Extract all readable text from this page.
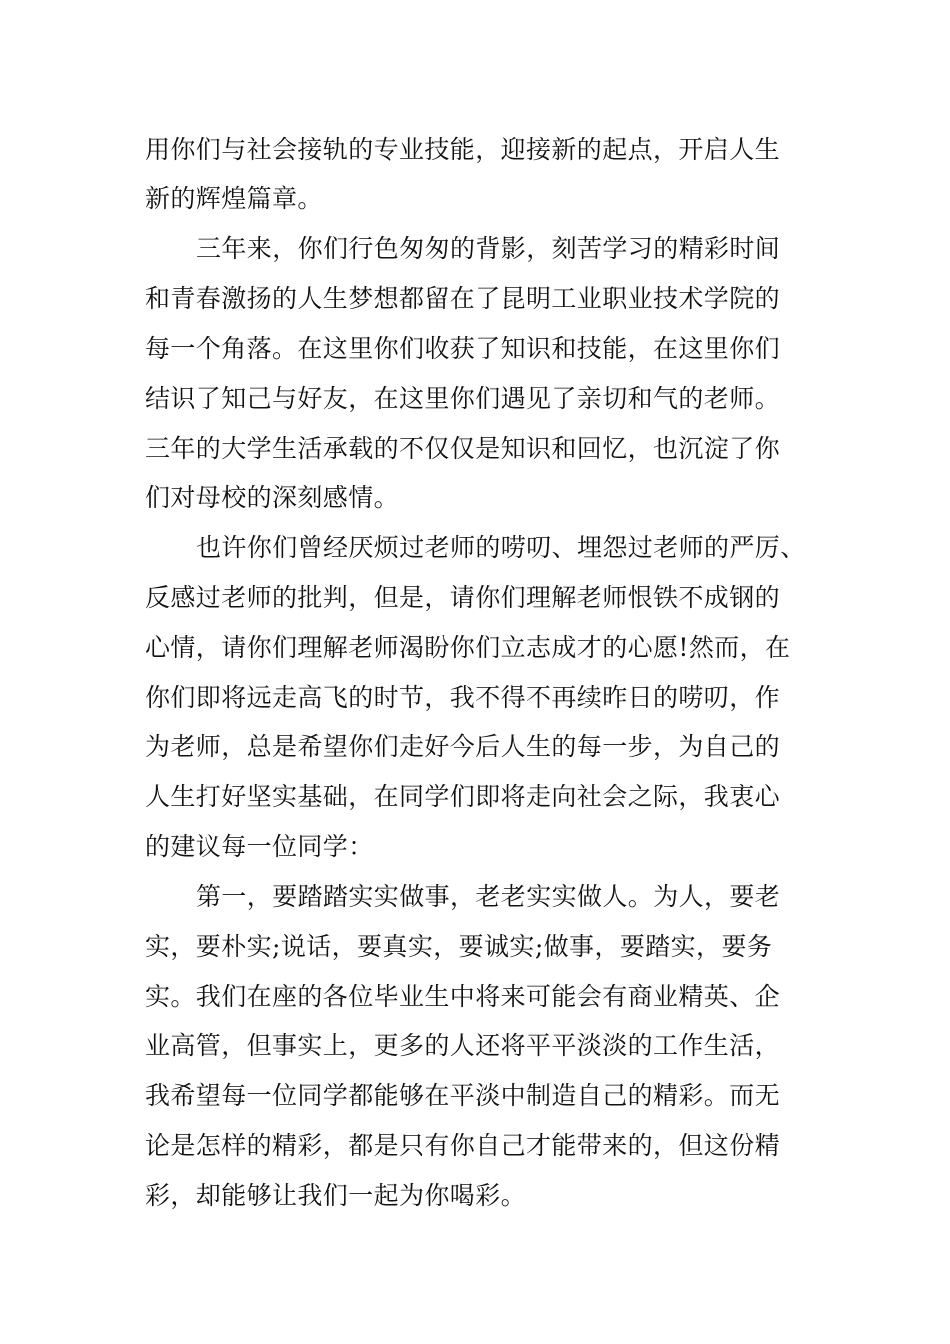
用你们与社会接轨的专业技能，迎接新的起点，开启人生
新的辉煌篇章。
三年来，你们行色匆匆的背影，刻苦学习的精彩时间
和青春激扬的人生梦想都留在了昆明工业职业技术学院的
每一个角落。在这里你们收获了知识和技能，在这里你们
结识了知己与好友，在这里你们遇见了亲切和气的老师。
三年的大学生活承载的不仅仅是知识和回忆，也沉淀了你
们对母校的深刻感情。
也许你们曾经厌烦过老师的唠叨、埋怨过老师的严厉、
反感过老师的批判，但是，请你们理解老师恨铁不成钢的
心情，请你们理解老师渴盼你们立志成才的心愿!然而，在
你们即将远走高飞的时节，我不得不再续昨日的唠叨，作
为老师，总是希望你们走好今后人生的每一步，为自己的
人生打好坚实基础，在同学们即将走向社会之际，我衷心
的建议每一位同学：
第一，要踏踏实实做事，老老实实做人。为人，要老
实，要朴实;说话，要真实，要诚实;做事，要踏实，要务
实。我们在座的各位毕业生中将来可能会有商业精英、企
业高管，但事实上，更多的人还将平平淡淡的工作生活，
我希望每一位同学都能够在平淡中制造自己的精彩。而无
论是怎样的精彩，都是只有你自己才能带来的，但这份精
彩，却能够让我们一起为你喝彩。
